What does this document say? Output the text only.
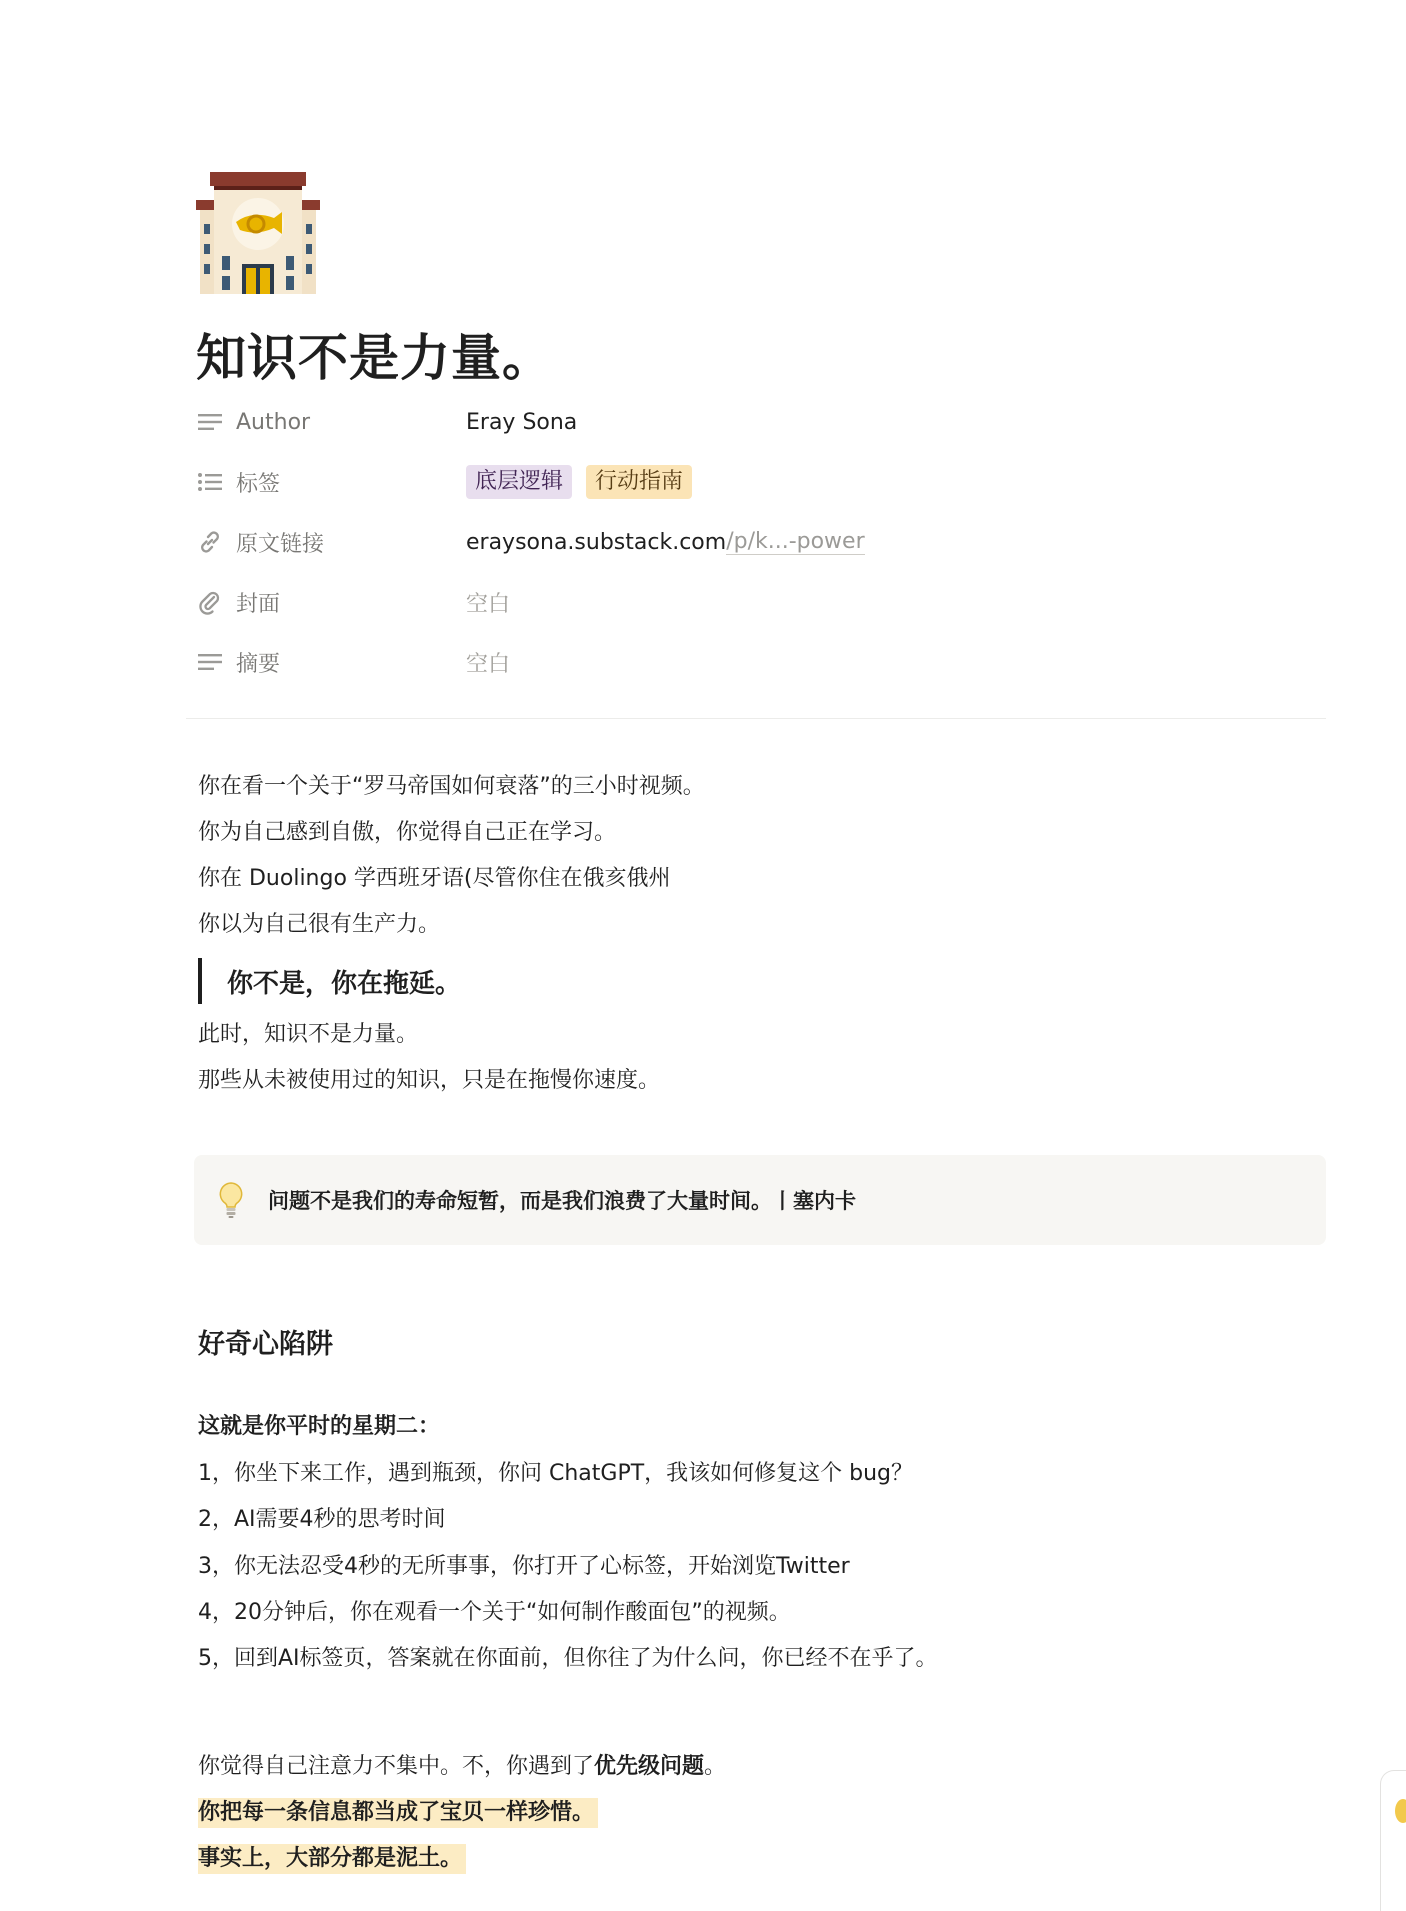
知识不是力量。
Author	Eray Sona
标签	底层逻辑	行动指南
原文链接	eraysona.substack.com /p/k...-power
封面	空白
摘要	空白

你在看一个关于“罗马帝国如何衰落”的三小时视频。

你为自己感到自傲，你觉得自己正在学习。

你在 Duolingo 学西班牙语(尽管你住在俄亥俄州

你以为自己很有生产力。

你不是，你在拖延。

此时，知识不是力量。

那些从未被使用过的知识，只是在拖慢你速度。

问题不是我们的寿命短暂，而是我们浪费了大量时间。丨塞内卡
好奇心陷阱

这就是你平时的星期二：

1，你坐下来工作，遇到瓶颈，你问 ChatGPT，我该如何修复这个 bug？

2，AI需要4秒的思考时间

3，你无法忍受4秒的无所事事，你打开了心标签，开始浏览Twitter

4，20分钟后，你在观看一个关于“如何制作酸面包”的视频。

5，回到AI标签页，答案就在你面前，但你往了为什么问，你已经不在乎了。

你觉得自己注意力不集中。不，你遇到了优先级问题。

你把每一条信息都当成了宝贝一样珍惜。

事实上，大部分都是泥土。
